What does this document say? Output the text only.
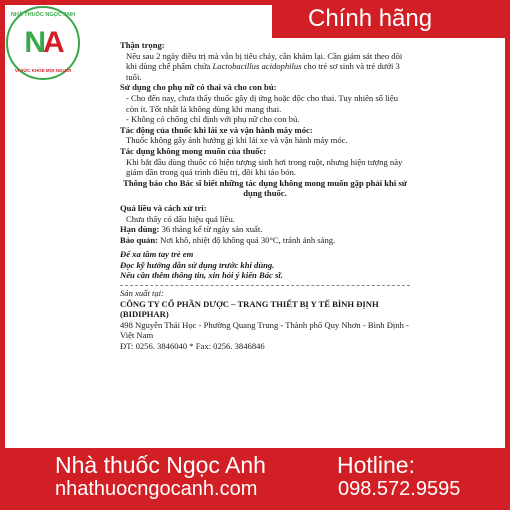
NHÀ THUỐC NGỌC ANH
NA
VÌ SỨC KHỎE MỌI NGƯỜI
Chính hãng
Thận trọng:
Nếu sau 2 ngày điều trị mà vẫn bị tiêu chảy, cần khám lại. Cần giảm sát theo dõi khi dùng chế phẩm chứa Lactobacillus acidophilus cho trẻ sơ sinh và trẻ dưới 3 tuổi.
Sử dụng cho phụ nữ có thai và cho con bú:
- Cho đến nay, chưa thấy thuốc gây dị ứng hoặc độc cho thai. Tuy nhiên số liệu còn ít. Tốt nhất là không dùng khi mang thai.
- Không có chống chỉ định với phụ nữ cho con bú.
Tác động của thuốc khi lái xe và vận hành máy móc:
Thuốc không gây ảnh hưởng gì khi lái xe và vận hành máy móc.
Tác dụng không mong muốn của thuốc:
Khi bắt đầu dùng thuốc có hiện tượng sinh hơi trong ruột, nhưng hiện tượng này giảm dần trong quá trình điều trị, đôi khi táo bón.
Thông báo cho Bác sĩ biết những tác dụng không mong muốn gặp phải khi sử dụng thuốc.
Quá liều và cách xử trí:
Chưa thấy có dấu hiệu quá liều.
Hạn dùng: 36 tháng kể từ ngày sản xuất.
Bảo quản: Nơi khô, nhiệt độ không quá 30°C, tránh ánh sáng.
Để xa tầm tay trẻ em
Đọc kỹ hướng dẫn sử dụng trước khi dùng.
Nếu cần thêm thông tin, xin hỏi ý kiến Bác sĩ.
Sản xuất tại:
CÔNG TY CỔ PHẦN DƯỢC – TRANG THIẾT BỊ Y TẾ BÌNH ĐỊNH (BIDIPHAR)
498 Nguyễn Thái Học - Phường Quang Trung - Thành phố Quy Nhơn - Bình Định - Việt Nam
ĐT: 0256. 3846040 * Fax: 0256. 3846846
Nhà thuốc Ngọc Anh
nhathuocngocanh.com
Hotline:
098.572.9595
